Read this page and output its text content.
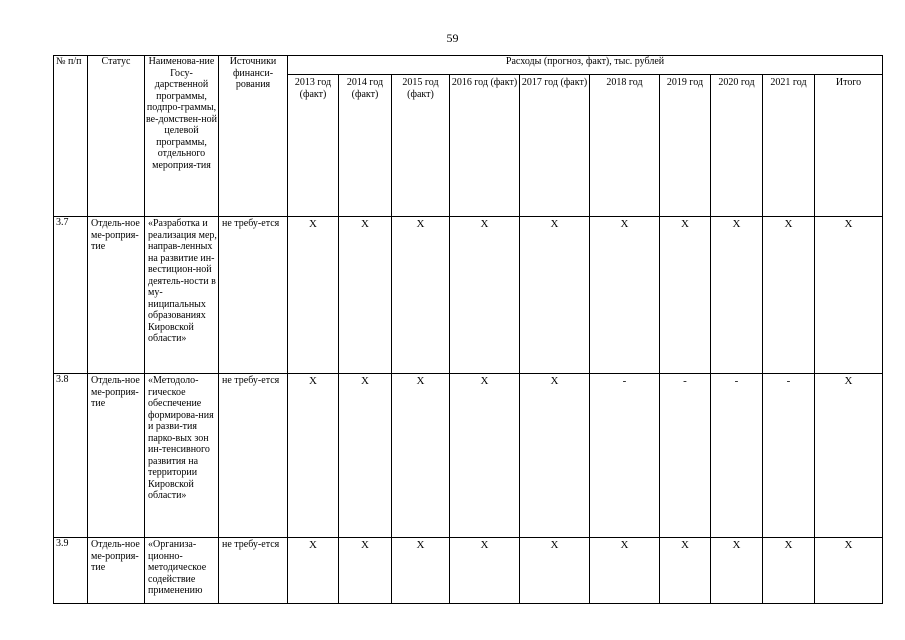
59
№ п/п	Статус	Наименова-ние Госу-дарственной программы, подпро-граммы, ве-домствен-ной целевой программы, отдельного мероприя-тия	Источники финанси-рования	Расходы (прогноз, факт), тыс. рублей									
				2013 год (факт)	2014 год (факт)	2015 год (факт)	2016 год (факт)	2017 год (факт)	2018 год	2019 год	2020 год	2021 год	Итого
3.7	Отдель-ное ме-роприя-тие	«Разработка и реализация мер, направ-ленных на развитие ин-вестицион-ной деятель-ности в му-ниципальных образованиях Кировской области»	не требу-ется	X	X	X	X	X	X	X	X	X	X
3.8	Отдель-ное ме-роприя-тие	«Методоло-гическое обеспечение формирова-ния и разви-тия парко-вых зон ин-тенсивного развития на территории Кировской области»	не требу-ется	X	X	X	X	X	-	-	-	-	X
3.9	Отдель-ное ме-роприя-тие	«Организа-ционно-методическое содействие применению	не требу-ется	X	X	X	X	X	X	X	X	X	X
